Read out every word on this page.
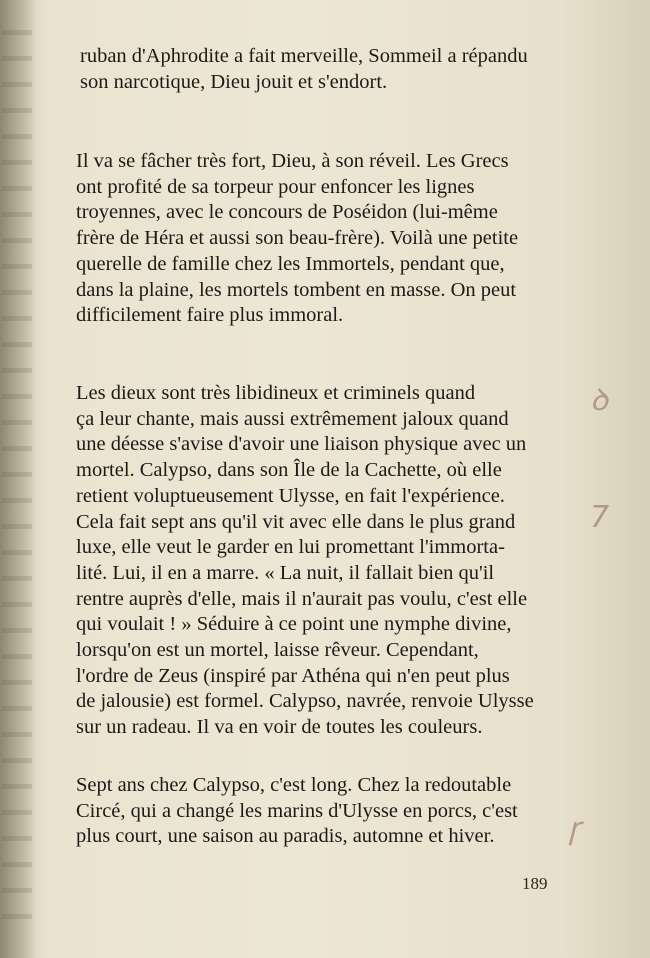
ruban d'Aphrodite a fait merveille, Sommeil a répandu
son narcotique, Dieu jouit et s'endort.

Il va se fâcher très fort, Dieu, à son réveil. Les Grecs
ont profité de sa torpeur pour enfoncer les lignes
troyennes, avec le concours de Poséidon (lui-même
frère de Héra et aussi son beau-frère). Voilà une petite
querelle de famille chez les Immortels, pendant que,
dans la plaine, les mortels tombent en masse. On peut
difficilement faire plus immoral.

Les dieux sont très libidineux et criminels quand
ça leur chante, mais aussi extrêmement jaloux quand
une déesse s'avise d'avoir une liaison physique avec un
mortel. Calypso, dans son Île de la Cachette, où elle
retient voluptueusement Ulysse, en fait l'expérience.
Cela fait sept ans qu'il vit avec elle dans le plus grand
luxe, elle veut le garder en lui promettant l'immorta-
lité. Lui, il en a marre. « La nuit, il fallait bien qu'il
rentre auprès d'elle, mais il n'aurait pas voulu, c'est elle
qui voulait ! » Séduire à ce point une nymphe divine,
lorsqu'on est un mortel, laisse rêveur. Cependant,
l'ordre de Zeus (inspiré par Athéna qui n'en peut plus
de jalousie) est formel. Calypso, navrée, renvoie Ulysse
sur un radeau. Il va en voir de toutes les couleurs.

Sept ans chez Calypso, c'est long. Chez la redoutable
Circé, qui a changé les marins d'Ulysse en porcs, c'est
plus court, une saison au paradis, automne et hiver.

ꝺ
7
ꞅ
189
